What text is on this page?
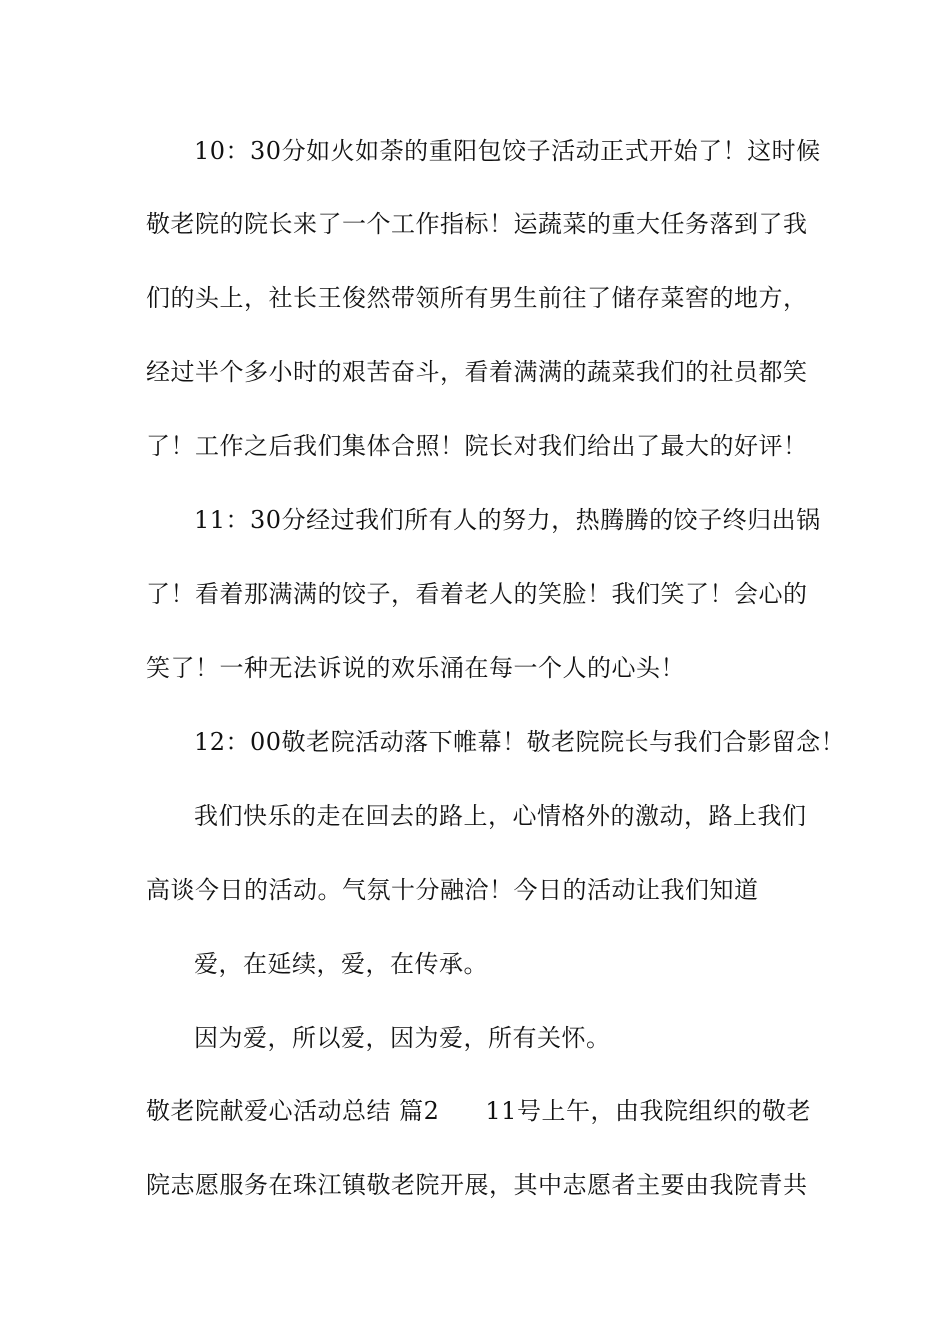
10：30分如火如荼的重阳包饺子活动正式开始了！这时候
敬老院的院长来了一个工作指标！运蔬菜的重大任务落到了我
们的头上，社长王俊然带领所有男生前往了储存菜窖的地方，
经过半个多小时的艰苦奋斗，看着满满的蔬菜我们的社员都笑
了！工作之后我们集体合照！院长对我们给出了最大的好评！
11：30分经过我们所有人的努力，热腾腾的饺子终归出锅
了！看着那满满的饺子，看着老人的笑脸！我们笑了！会心的
笑了！一种无法诉说的欢乐涌在每一个人的心头！
12：00敬老院活动落下帷幕！敬老院院长与我们合影留念！
我们快乐的走在回去的路上，心情格外的激动，路上我们
高谈今日的活动。气氛十分融洽！今日的活动让我们知道
爱，在延续，爱，在传承。
因为爱，所以爱，因为爱，所有关怀。
敬老院献爱心活动总结 篇2 11号上午，由我院组织的敬老
院志愿服务在珠江镇敬老院开展，其中志愿者主要由我院青共
